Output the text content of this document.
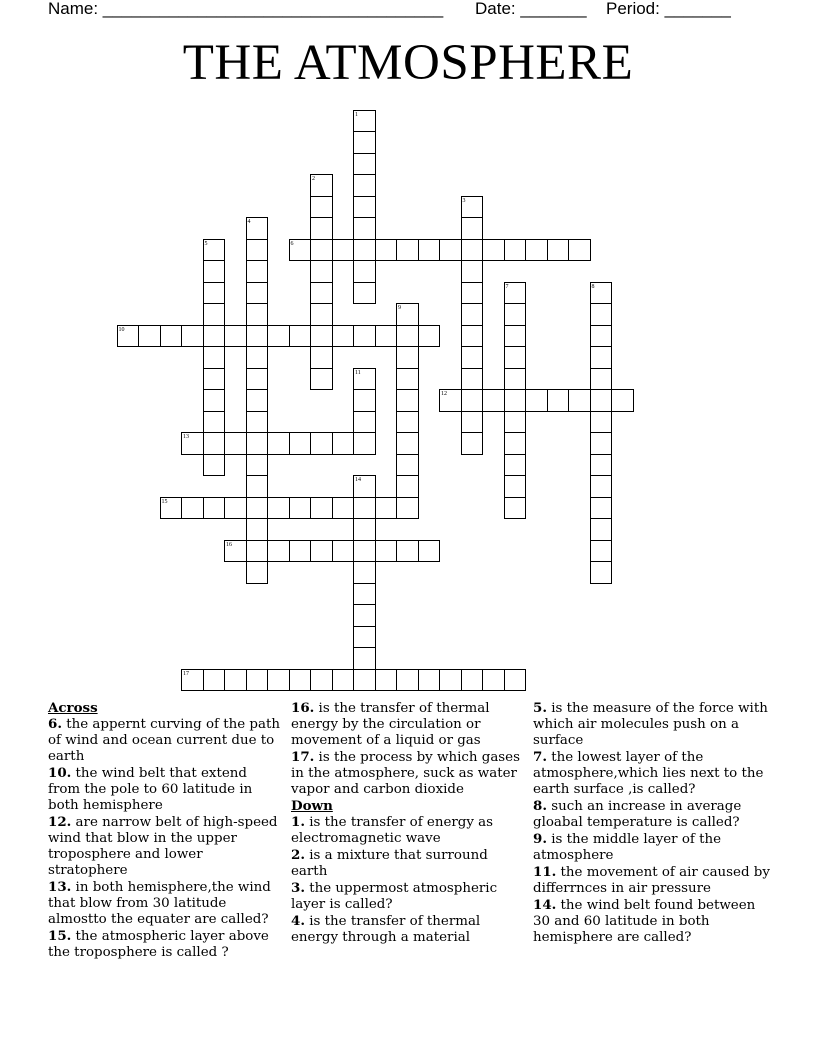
Name: ____________________________________ Date: _______ Period: _______
THE ATMOSPHERE
1
2
3
4
5	6
7	8
9
10
11
12
13
14
15
16
17
Across
6. the appernt curving of the path of wind and ocean current due to earth
10. the wind belt that extend from the pole to 60 latitude in both hemisphere
12. are narrow belt of high-speed wind that blow in the upper troposphere and lower stratophere
13. in both hemisphere,the wind that blow from 30 latitude almostto the equater are called?
15. the atmospheric layer above the troposphere is called ?
16. is the transfer of thermal energy by the circulation or movement of a liquid or gas
17. is the process by which gases in the atmosphere, suck as water vapor and carbon dioxide
Down
1. is the transfer of energy as electromagnetic wave
2. is a mixture that surround earth
3. the uppermost atmospheric layer is called?
4. is the transfer of thermal energy through a material
5. is the measure of the force with which air molecules push on a surface
7. the lowest layer of the atmosphere,which lies next to the earth surface ,is called?
8. such an increase in average gloabal temperature is called?
9. is the middle layer of the atmosphere
11. the movement of air caused by differrnces in air pressure
14. the wind belt found between 30 and 60 latitude in both hemisphere are called?
